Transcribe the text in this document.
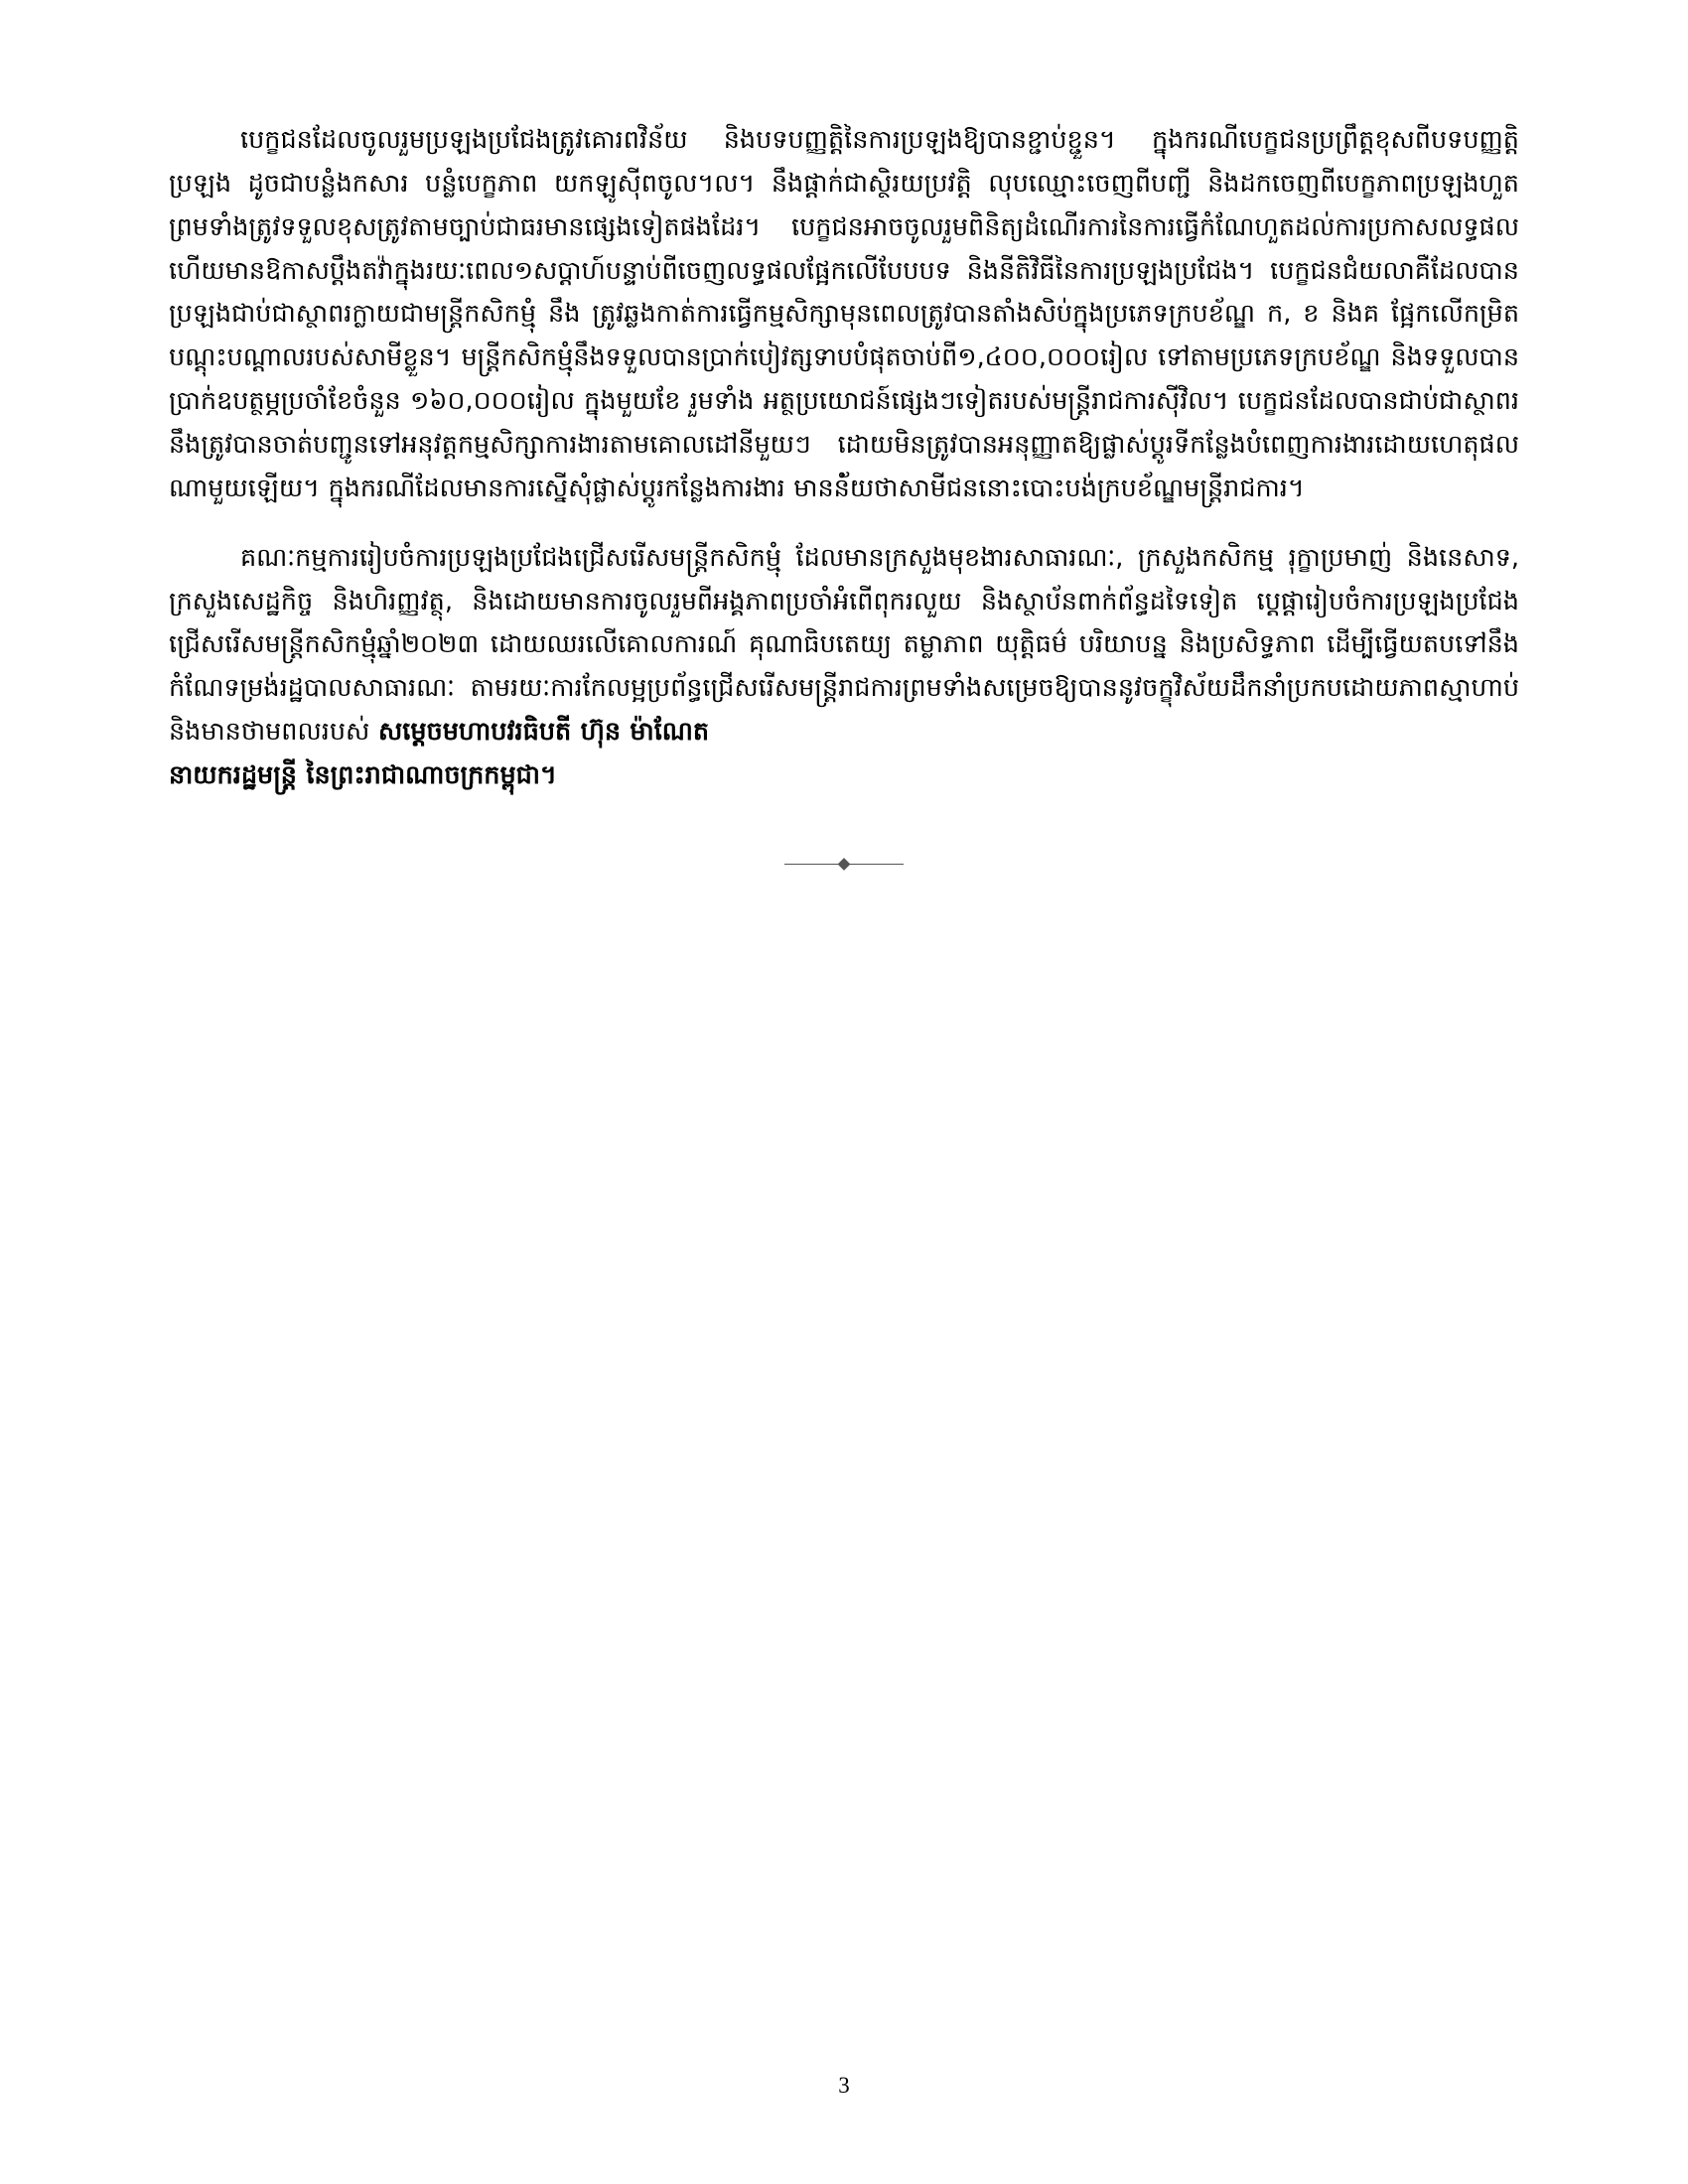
បេក្ខជនដែលចូលរួមប្រឡងប្រជែងត្រូវគោរពវិន័យ និងបទបញ្ញត្តិនៃការប្រឡងឱ្យបានខ្ជាប់ខ្ជួន។ ក្នុងករណីបេក្ខជនប្រព្រឹត្តខុសពីបទបញ្ញត្តិប្រឡង ដូចជាបន្លំងកសារ បន្លំបេក្ខភាព យកឡូស៊ីពចូល។ល។ នឹងផ្ដាក់ជាស្ថិរយប្រវត្តិ លុបឈ្មោះចេញពីបញ្ជី និងដកចេញពីបេក្ខភាពប្រឡងហួត ព្រមទាំងត្រូវទទួលខុសត្រូវតាមច្បាប់ជាធរមានផ្សេងទៀតផងដែរ។ បេក្ខជនអាចចូលរួមពិនិត្យដំណើរការនៃការធ្វើកំណែហួតដល់ការប្រកាសលទ្ធផល ហើយមានឱកាសប្ដឹងតវ៉ាក្នុងរយៈពេល១សប្ដាហ៍បន្ទាប់ពីចេញលទ្ធផលផ្អែកលើបែបបទ និងនីតិវិធីនៃការប្រឡងប្រជែង។ បេក្ខជនជំយលាគឺដែលបានប្រឡងជាប់ជាស្ថាពរក្លាយជាមន្ត្រីកសិកម្មុំ នឹង ត្រូវឆ្លងកាត់ការធ្វើកម្មសិក្សាមុនពេលត្រូវបានតាំងសិប់ក្នុងប្រភេទក្របខ័ណ្ឌ ក, ខ និងគ ផ្អែកលើកម្រិតបណ្ដុះបណ្ដាលរបស់សាមីខ្លួន។ មន្ត្រីកសិកម្មុំនឹងទទួលបានប្រាក់បៀវត្សទាបបំផុតចាប់ពី១,៤០០,០០០រៀល ទៅតាមប្រភេទក្របខ័ណ្ឌ និងទទួលបានប្រាក់ឧបត្ថម្ភប្រចាំខែចំនួន ១៦០,០០០រៀល ក្នុងមួយខែ រួមទាំង អត្ថប្រយោជន៍ផ្សេងៗទៀតរបស់មន្ត្រីរាជការស៊ីវិល។ បេក្ខជនដែលបានជាប់ជាស្ថាពរ នឹងត្រូវបានចាត់បញ្ជូនទៅអនុវត្តកម្មសិក្សាការងារតាមគោលដៅនីមួយៗ ដោយមិនត្រូវបានអនុញ្ញាតឱ្យផ្លាស់ប្ដូរទីកន្លែងបំពេញការងារដោយហេតុផលណាមួយឡើយ។ ក្នុងករណីដែលមានការស្នើសុំផ្លាស់ប្ដូរកន្លែងការងារ មាននំ័យថាសាមីជននោះបោះបង់ក្របខ័ណ្ឌមន្ត្រីរាជការ។

គណៈកម្មការរៀបចំការប្រឡងប្រជែងជ្រើសរើសមន្ត្រីកសិកម្មុំ ដែលមានក្រសួងមុខងារសាធារណៈ, ក្រសួងកសិកម្ម រុក្ខាប្រមាញ់ និងនេសាទ, ក្រសួងសេដ្ឋកិច្ច និងហិរញ្ញវត្ថុ, និងដោយមានការចូលរួមពីអង្គភាពប្រចាំអំពើពុករលួយ និងស្ថាប័នពាក់ព័ន្ធដទៃទៀត ប្ដេផ្ដារៀបចំការប្រឡងប្រជែងជ្រើសរើសមន្ត្រីកសិកម្មុំឆ្នាំ២០២៣ ដោយឈរលើគោលការណ៍ គុណាធិបតេយ្យ តម្លាភាព យុត្តិធម៌ បរិយាបន្ន និងប្រសិទ្ធភាព ដើម្បីធ្វើយតបទៅនឹងកំណែទម្រង់រដ្ឋបាលសាធារណៈ តាមរយៈការកែលម្អប្រព័ន្ធជ្រើសរើសមន្ត្រីរាជការព្រមទាំងសម្រេចឱ្យបាននូវចក្ខុវិស័យដឹកនាំប្រកបដោយភាពស្មាហាប់ និងមានថាមពលរបស់ សម្តេចមហាបវរធិបតី ហ៊ុន ម៉ាណែត
នាយករដ្ឋមន្ត្រី នៃព្រះរាជាណាចក្រកម្ពុជា។

3
